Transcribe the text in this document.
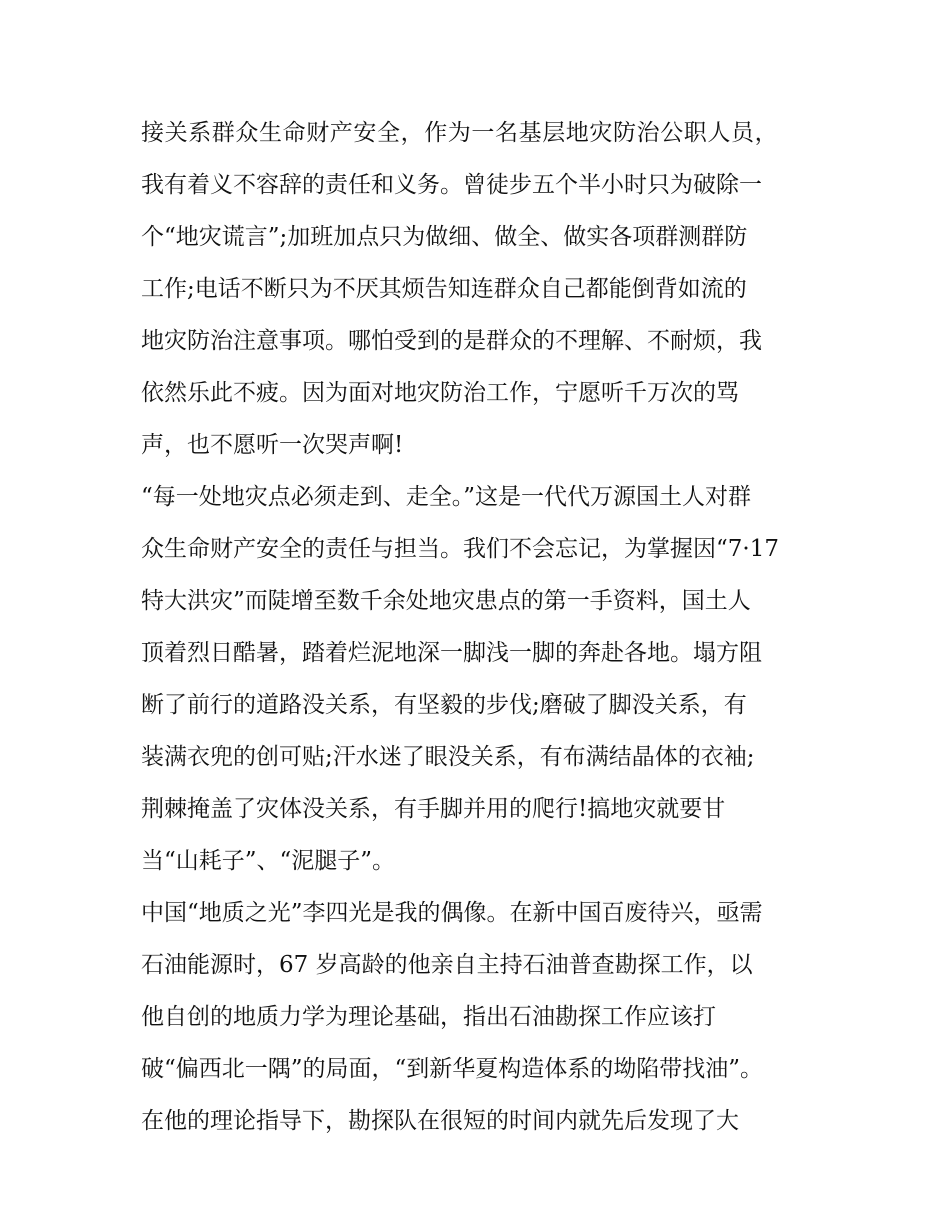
接关系群众生命财产安全，作为一名基层地灾防治公职人员，
我有着义不容辞的责任和义务。曾徒步五个半小时只为破除一
个“地灾谎言”;加班加点只为做细、做全、做实各项群测群防
工作;电话不断只为不厌其烦告知连群众自己都能倒背如流的
地灾防治注意事项。哪怕受到的是群众的不理解、不耐烦，我
依然乐此不疲。因为面对地灾防治工作，宁愿听千万次的骂
声，也不愿听一次哭声啊!
“每一处地灾点必须走到、走全。”这是一代代万源国土人对群
众生命财产安全的责任与担当。我们不会忘记，为掌握因“7·17
特大洪灾”而陡增至数千余处地灾患点的第一手资料，国土人
顶着烈日酷暑，踏着烂泥地深一脚浅一脚的奔赴各地。塌方阻
断了前行的道路没关系，有坚毅的步伐;磨破了脚没关系，有
装满衣兜的创可贴;汗水迷了眼没关系，有布满结晶体的衣袖;
荆棘掩盖了灾体没关系，有手脚并用的爬行!搞地灾就要甘
当“山耗子”、“泥腿子”。
中国“地质之光”李四光是我的偶像。在新中国百废待兴，亟需
石油能源时，67 岁高龄的他亲自主持石油普查勘探工作，以
他自创的地质力学为理论基础，指出石油勘探工作应该打
破“偏西北一隅”的局面，“到新华夏构造体系的坳陷带找油”。
在他的理论指导下，勘探队在很短的时间内就先后发现了大
